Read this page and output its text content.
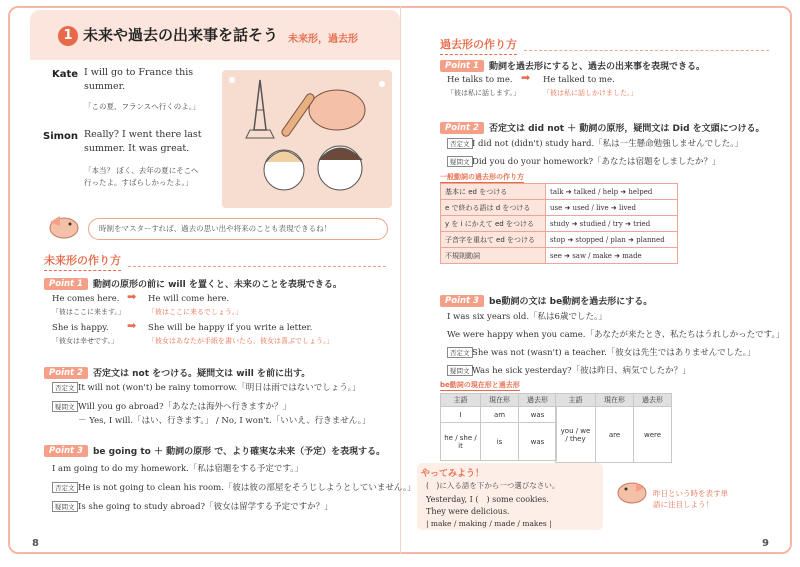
1 未来や過去の出来事を話そう 未来形，過去形
Kate I will go to France this
summer.
「この夏、フランスへ行くのよ。」
Simon Really? I went there last
summer. It was great.
「本当？ ぼく、去年の夏にそこへ
行ったよ。すばらしかったよ。」
時制をマスターすれば、過去の思い出や将来のことも表現できるね！
未来形の作り方
Point 1	動詞の原形の前に will を置くと、未来のことを表現できる。
He comes here.
「彼はここに来ます。」
➡ He will come here.
「彼はここに来るでしょう。」
She is happy.
「彼女は幸せです。」
➡ She will be happy if you write a letter.
「彼女はあなたが手紙を書いたら、彼女は喜ぶでしょう。」
Point 2	否定文は not をつける。疑問文は will を前に出す。
否定文 It will not (won't) be rainy tomorrow.「明日は雨ではないでしょう。」
疑問文 Will you go abroad?「あなたは海外へ行きますか？」
－ Yes, I will.「はい、行きます。」 / No, I won't.「いいえ、行きません。」
Point 3	be going to ＋ 動詞の原形 で、より確実な未来（予定）を表現する。
I am going to do my homework.「私は宿題をする予定です。」
否定文 He is not going to clean his room.「彼は彼の部屋をそうじしようとしていません。」
疑問文 Is she going to study abroad?「彼女は留学する予定ですか？」
過去形の作り方
Point 1	動詞を過去形にすると、過去の出来事を表現できる。
He talks to me.
「彼は私に話します。」
➡ He talked to me.
「彼は私に話しかけました。」
Point 2	否定文は did not ＋ 動詞の原形，疑問文は Did を文頭につける。
否定文 I did not (didn't) study hard.「私は一生懸命勉強しませんでした。」
疑問文 Did you do your homework?「あなたは宿題をしましたか？」
一般動詞の過去形の作り方
基本に ed をつける	talk ➜ talked / help ➜ helped
e で終わる語は d をつける	use ➜ used / live ➜ lived
y を i にかえて ed をつける	study ➜ studied / try ➜ tried
子音字を重ねて ed をつける	stop ➜ stopped / plan ➜ planned
不規則動詞	see ➜ saw / make ➜ made
Point 3	be動詞の文は be動詞を過去形にする。
I was six years old.「私は6歳でした。」
We were happy when you came.「あなたが来たとき、私たちはうれしかったです。」
否定文 She was not (wasn't) a teacher.「彼女は先生ではありませんでした。」
疑問文 Was he sick yesterday?「彼は昨日、病気でしたか？」
be動詞の現在形と過去形
主語	現在形	過去形
I	am	was
he / she / it	is	was
主語	現在形	過去形
you / we / they	are	were
やってみよう！
(　)に入る語を下から一つ選びなさい。
Yesterday, I (　) some cookies.
They were delicious.
| make / making / made / makes |
昨日という時を表す単語に注目しよう！
8	9
